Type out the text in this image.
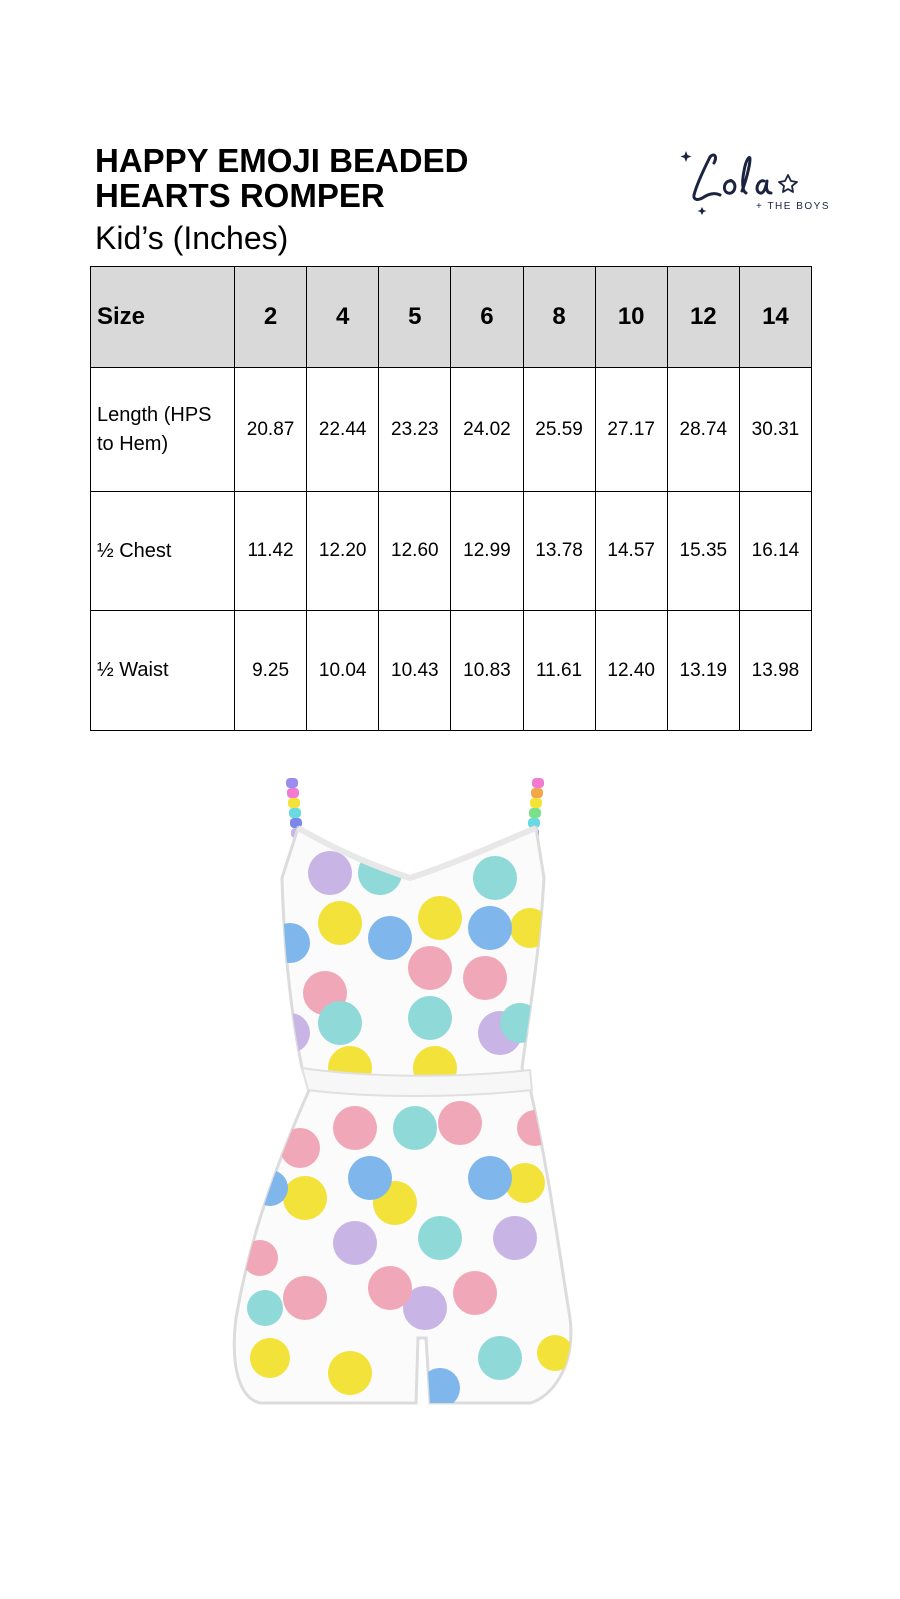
HAPPY EMOJI BEADED
HEARTS ROMPER
Kid’s (Inches)
+ THE BOYS
Size	2	4	5	6	8	10	12	14
Length (HPS
to Hem)	20.87	22.44	23.23	24.02	25.59	27.17	28.74	30.31
½ Chest	11.42	12.20	12.60	12.99	13.78	14.57	15.35	16.14
½ Waist	9.25	10.04	10.43	10.83	11.61	12.40	13.19	13.98
